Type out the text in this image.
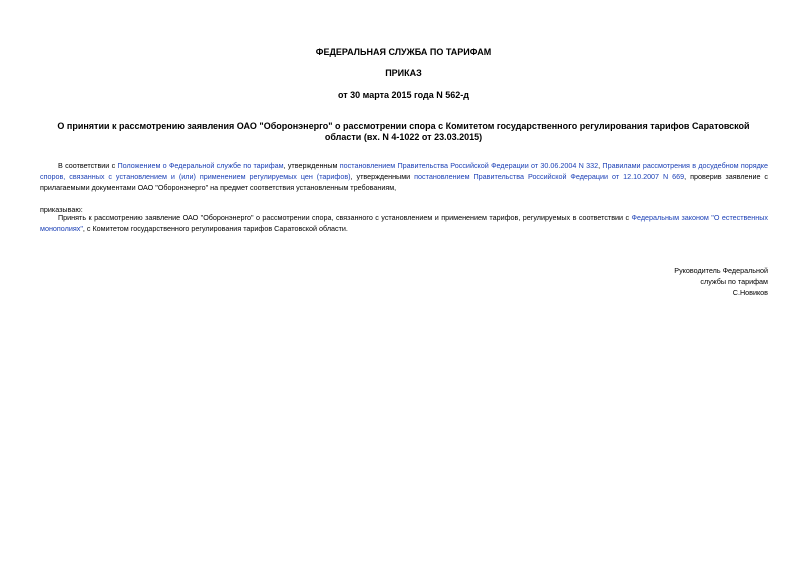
ФЕДЕРАЛЬНАЯ СЛУЖБА ПО ТАРИФАМ
ПРИКАЗ
от 30 марта 2015 года N 562-д
О принятии к рассмотрению заявления ОАО "Оборонэнерго" о рассмотрении спора с Комитетом государственного регулирования тарифов Саратовской области (вх. N 4-1022 от 23.03.2015)
В соответствии с Положением о Федеральной службе по тарифам, утвержденным постановлением Правительства Российской Федерации от 30.06.2004 N 332, Правилами рассмотрения в досудебном порядке споров, связанных с установлением и (или) применением регулируемых цен (тарифов), утвержденными постановлением Правительства Российской Федерации от 12.10.2007 N 669, проверив заявление с прилагаемыми документами ОАО "Оборонэнерго" на предмет соответствия установленным требованиям,
приказываю:
Принять к рассмотрению заявление ОАО "Оборонэнерго" о рассмотрении спора, связанного с установлением и применением тарифов, регулируемых в соответствии с Федеральным законом "О естественных монополиях", с Комитетом государственного регулирования тарифов Саратовской области.
Руководитель Федеральной
службы по тарифам
С.Новиков
